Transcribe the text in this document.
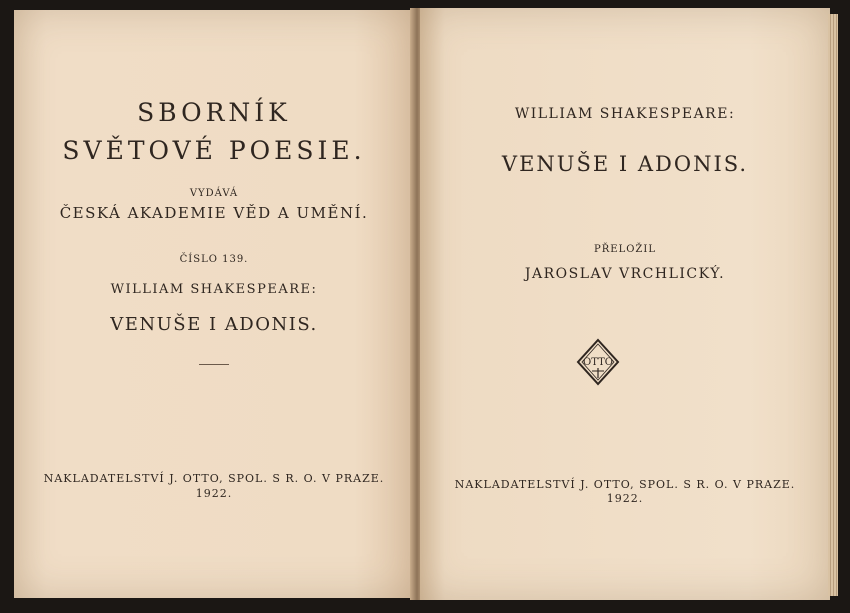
SBORNÍK
SVĚTOVÉ POESIE.
VYDÁVÁ
ČESKÁ AKADEMIE VĚD A UMĚNÍ.
ČÍSLO 139.
WILLIAM SHAKESPEARE:
VENUŠE I ADONIS.
NAKLADATELSTVÍ J. OTTO, SPOL. S R. O. V PRAZE.
1922.
WILLIAM SHAKESPEARE:
VENUŠE I ADONIS.
PŘELOŽIL
JAROSLAV VRCHLICKÝ.
NAKLADATELSTVÍ J. OTTO, SPOL. S R. O. V PRAZE.
1922.
OTTO
